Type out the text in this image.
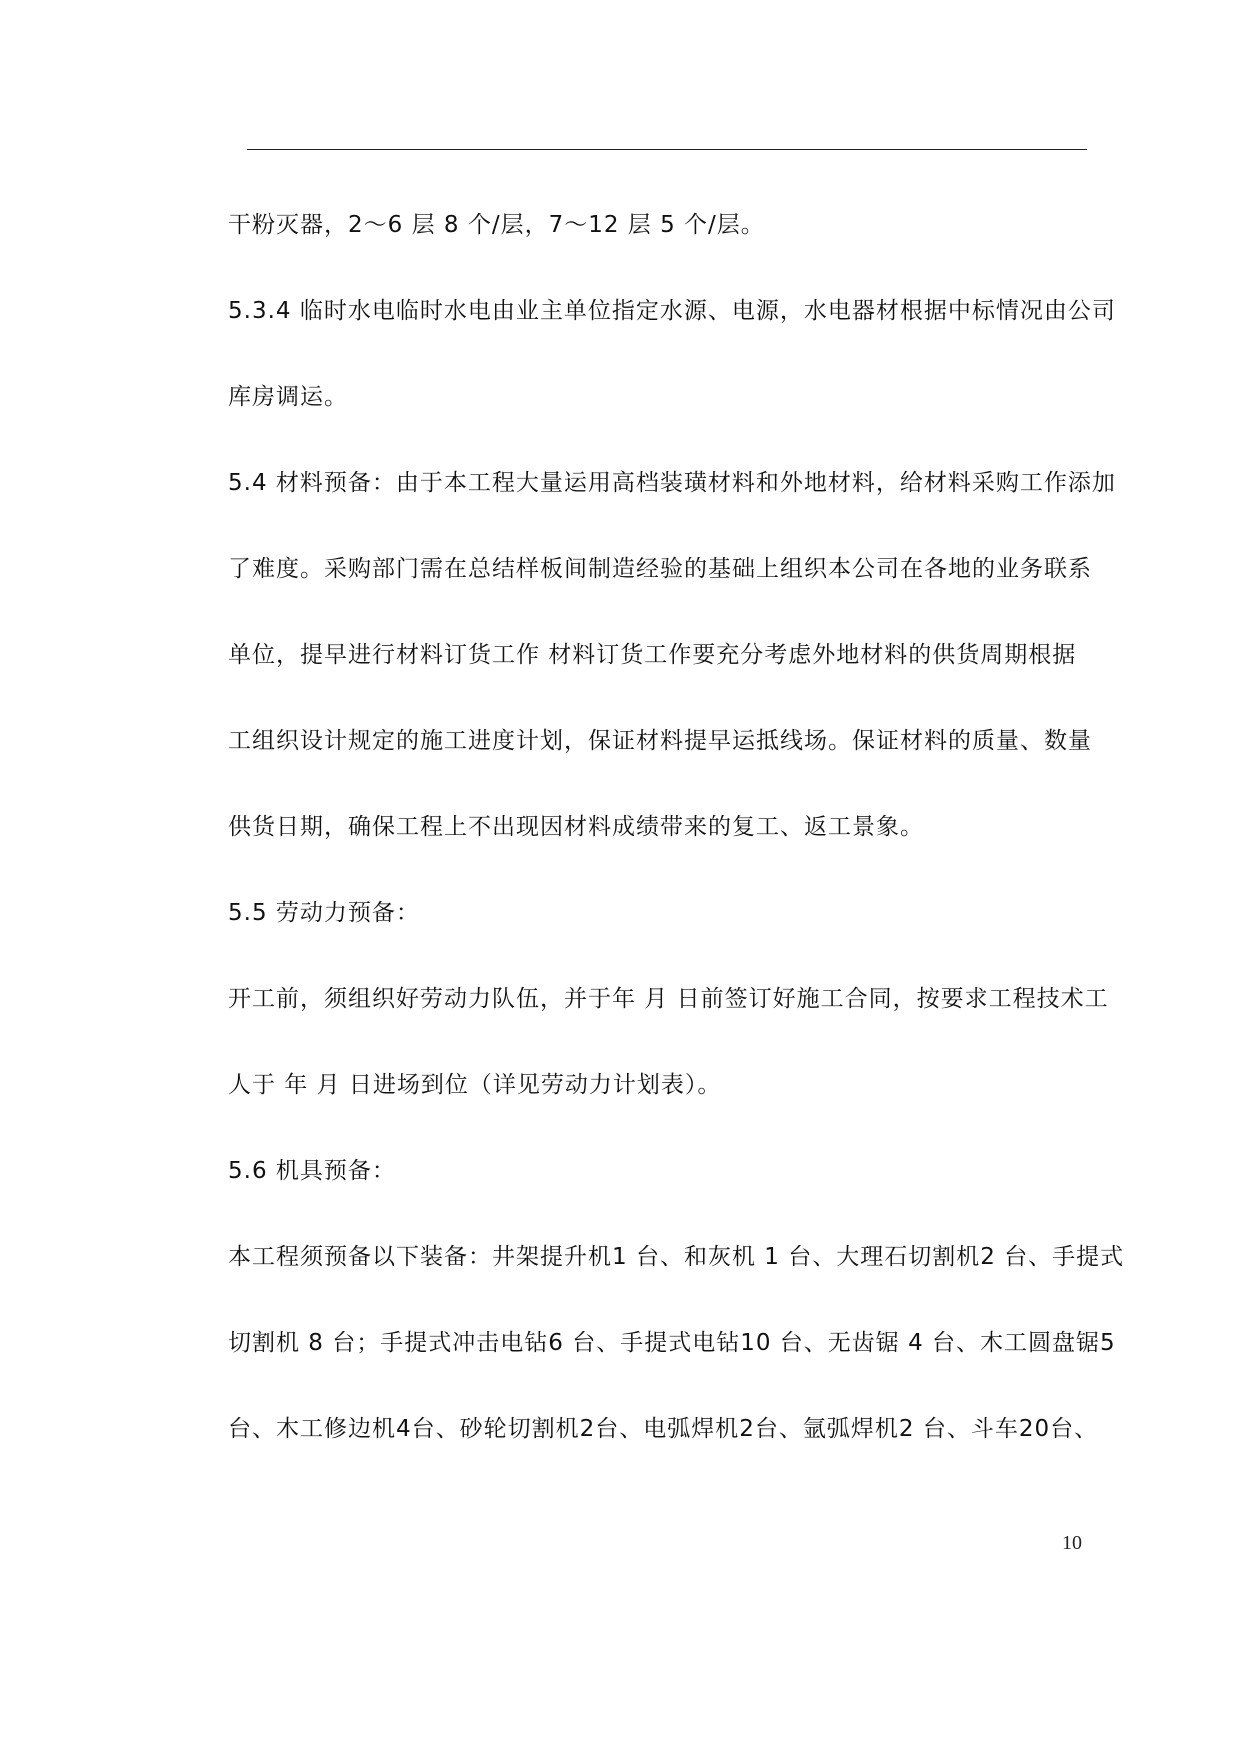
干粉灭器，2～6 层 8 个/层，7～12 层 5 个/层。
5.3.4 临时水电临时水电由业主单位指定水源、电源，水电器材根据中标情况由公司
库房调运。
5.4 材料预备：由于本工程大量运用高档装璜材料和外地材料，给材料采购工作添加
了难度。采购部门需在总结样板间制造经验的基础上组织本公司在各地的业务联系
单位，提早进行材料订货工作 材料订货工作要充分考虑外地材料的供货周期根据
工组织设计规定的施工进度计划，保证材料提早运抵线场。保证材料的质量、数量
供货日期，确保工程上不出现因材料成绩带来的复工、返工景象。
5.5 劳动力预备：
开工前，须组织好劳动力队伍，并于年 月 日前签订好施工合同，按要求工程技术工
人于 年 月 日进场到位（详见劳动力计划表）。
5.6 机具预备：
本工程须预备以下装备：井架提升机1 台、和灰机 1 台、大理石切割机2 台、手提式
切割机 8 台；手提式冲击电钻6 台、手提式电钻10 台、无齿锯 4 台、木工圆盘锯5
台、木工修边机4台、砂轮切割机2台、电弧焊机2台、氩弧焊机2 台、斗车20台、
10
